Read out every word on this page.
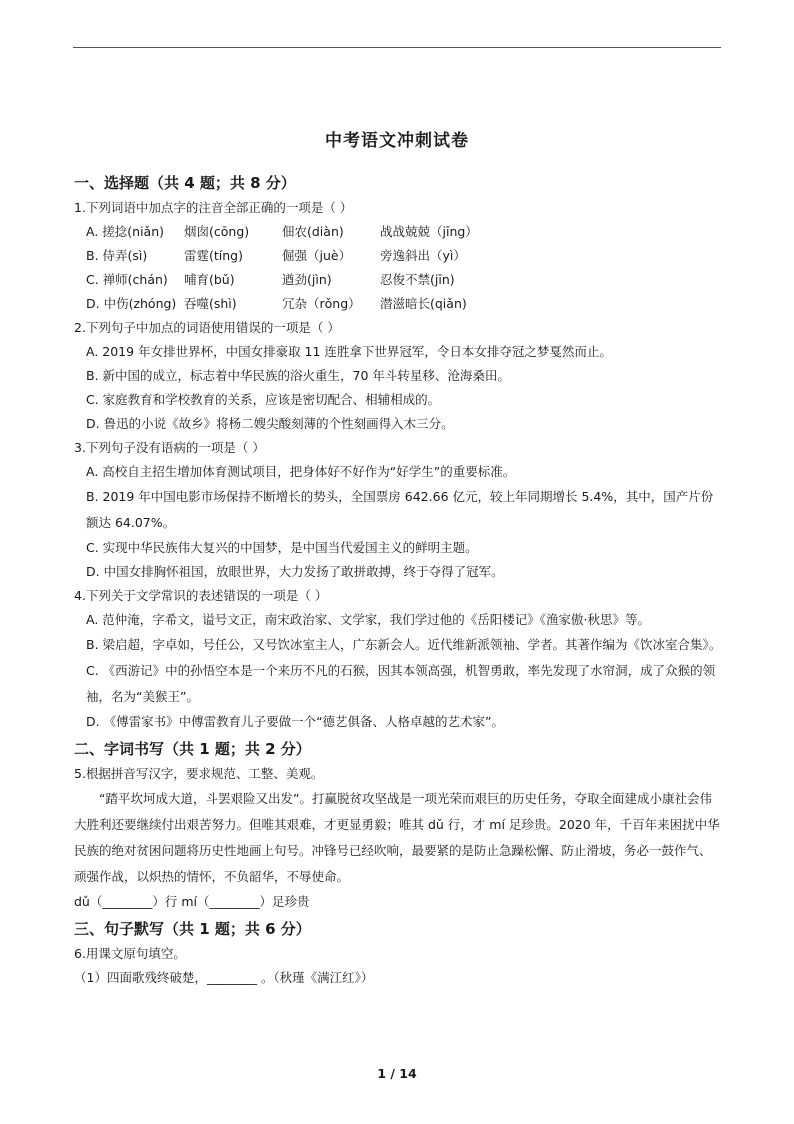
中考语文冲刺试卷
一、选择题（共 4 题；共 8 分）
1.下列词语中加点字的注音全部正确的一项是（ ）
A. 搓捻(niǎn) 烟囱(cōng)	佃农(diàn)	战战兢兢（jīng）
B. 侍弄(sì)	雷霆(tíng)	倔强（juè） 旁逸斜出（yì）
C. 禅师(chán) 哺育(bǔ)	遒劲(jìn)	忍俊不禁(jīn)
D. 中伤(zhóng) 吞噬(shì)	冗杂（rǒng） 潜滋暗长(qiǎn)
2.下列句子中加点的词语使用错误的一项是（ ）
A. 2019 年女排世界杯，中国女排豪取 11 连胜拿下世界冠军，令日本女排夺冠之梦戛然而止。
B. 新中国的成立，标志着中华民族的浴火重生，70 年斗转星移、沧海桑田。
C. 家庭教育和学校教育的关系，应该是密切配合、相辅相成的。
D. 鲁迅的小说《故乡》将杨二嫂尖酸刻薄的个性刻画得入木三分。
3.下列句子没有语病的一项是（ ）
A. 高校自主招生增加体育测试项目，把身体好不好作为“好学生”的重要标准。
B. 2019 年中国电影市场保持不断增长的势头，全国票房 642.66 亿元，较上年同期增长 5.4%，其中，国产片份额达 64.07%。
C. 实现中华民族伟大复兴的中国梦，是中国当代爱国主义的鲜明主题。
D. 中国女排胸怀祖国，放眼世界，大力发扬了敢拼敢搏，终于夺得了冠军。
4.下列关于文学常识的表述错误的一项是（ ）
A. 范仲淹，字希文，谥号文正，南宋政治家、文学家，我们学过他的《岳阳楼记》《渔家傲·秋思》等。
B. 梁启超，字卓如，号任公，又号饮冰室主人，广东新会人。近代维新派领袖、学者。其著作编为《饮冰室合集》。
C. 《西游记》中的孙悟空本是一个来历不凡的石猴，因其本领高强，机智勇敢，率先发现了水帘洞，成了众猴的领袖，名为“美猴王”。
D. 《傅雷家书》中傅雷教育儿子要做一个“德艺俱备、人格卓越的艺术家”。
二、字词书写（共 1 题；共 2 分）
5.根据拼音写汉字，要求规范、工整、美观。
“踏平坎坷成大道，斗罢艰险又出发”。打赢脱贫攻坚战是一项光荣而艰巨的历史任务，夺取全面建成小康社会伟大胜利还要继续付出艰苦努力。但唯其艰难，才更显勇毅；唯其 dǔ 行，才 mí 足珍贵。2020 年，千百年来困扰中华民族的绝对贫困问题将历史性地画上句号。冲锋号已经吹响，最要紧的是防止急躁松懈、防止滑坡，务必一鼓作气、顽强作战，以炽热的情怀，不负韶华，不辱使命。
dǔ（________）行 mí（________）足珍贵
三、句子默写（共 1 题；共 6 分）
6.用课文原句填空。
（1）四面歌残终破楚，________ 。（秋瑾《满江红》）
1 / 14
